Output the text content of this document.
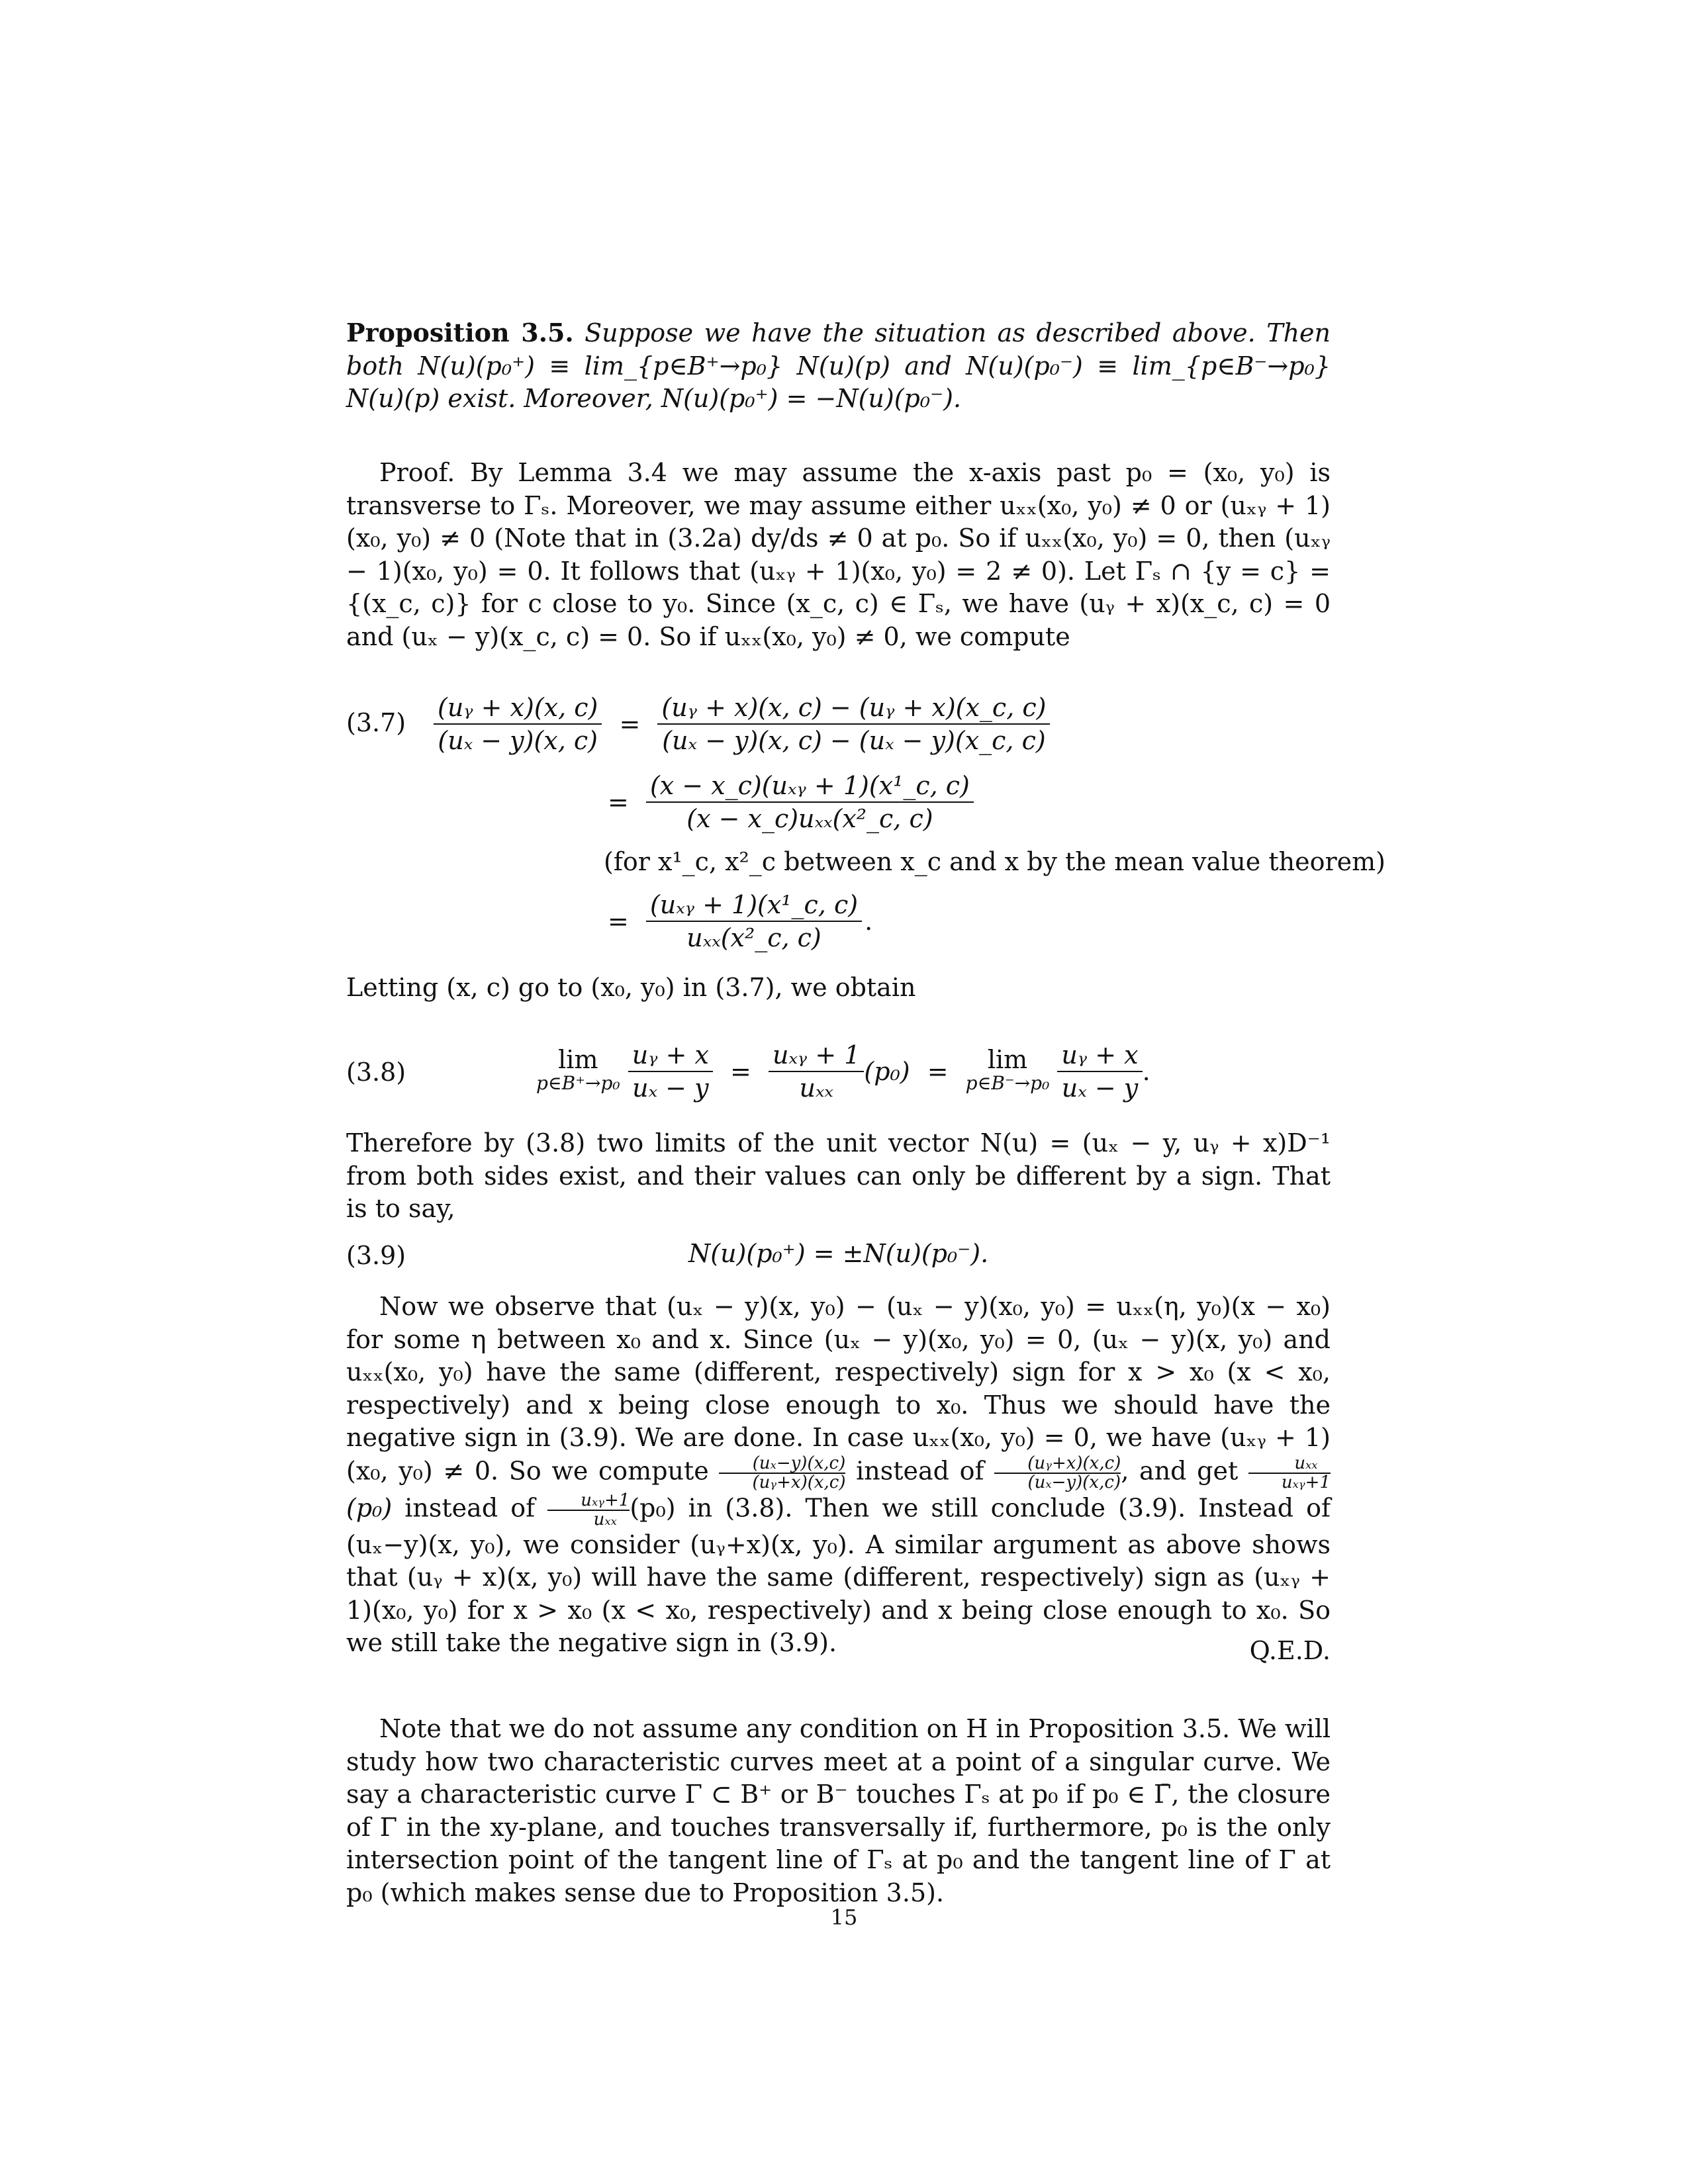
Proposition 3.5. Suppose we have the situation as described above. Then both N(u)(p₀⁺) ≡ lim_{p∈B⁺→p₀} N(u)(p) and N(u)(p₀⁻) ≡ lim_{p∈B⁻→p₀} N(u)(p) exist. Moreover, N(u)(p₀⁺) = −N(u)(p₀⁻).

Proof. By Lemma 3.4 we may assume the x-axis past p₀ = (x₀, y₀) is transverse to Γₛ. Moreover, we may assume either uₓₓ(x₀, y₀) ≠ 0 or (uₓᵧ + 1)(x₀, y₀) ≠ 0 (Note that in (3.2a) dy/ds ≠ 0 at p₀. So if uₓₓ(x₀, y₀) = 0, then (uₓᵧ − 1)(x₀, y₀) = 0. It follows that (uₓᵧ + 1)(x₀, y₀) = 2 ≠ 0). Let Γₛ ∩ {y = c} = {(x_c, c)} for c close to y₀. Since (x_c, c) ∈ Γₛ, we have (uᵧ + x)(x_c, c) = 0 and (uₓ − y)(x_c, c) = 0. So if uₓₓ(x₀, y₀) ≠ 0, we compute

$(3.7) \frac{\text{(uᵧ + x)(x, c)}}{\text{(uₓ − y)(x, c)}} = \frac{\text{(uᵧ + x)(x, c) − (uᵧ + x)(x\_c, c)}}{\text{(uₓ − y)(x, c) − (uₓ − y)(x\_c, c)}}$
= $\frac{\text{(x − x\_c)(uₓᵧ + 1)(x¹\_c, c)}}{\text{(x − x\_c)uₓₓ(x²\_c, c)}}$
(for x¹_c, x²_c between x_c and x by the mean value theorem)
= $\frac{\text{(uₓᵧ + 1)(x¹\_c, c)}}{\text{uₓₓ(x²\_c, c)}}$ .
Letting (x, c) go to (x₀, y₀) in (3.7), we obtain
(3.8)	lim
p∈B⁺→p₀
$\frac{\text{uᵧ + x}}{\text{uₓ − y}} = \frac{\text{uₓᵧ + 1}}{\text{uₓₓ}} (p_0) = \lim$
p∈B⁻→p₀
$\frac{\text{uᵧ + x}}{\text{uₓ − y}}$ .
Therefore by (3.8) two limits of the unit vector N(u) = (uₓ − y, uᵧ + x)D⁻¹ from both sides exist, and their values can only be different by a sign. That is to say,
(3.9)	N(u)(p₀⁺) = ±N(u)(p₀⁻).

Now we observe that (uₓ − y)(x, y₀) − (uₓ − y)(x₀, y₀) = uₓₓ(η, y₀)(x − x₀) for some η between x₀ and x. Since (uₓ − y)(x₀, y₀) = 0, (uₓ − y)(x, y₀) and uₓₓ(x₀, y₀) have the same (different, respectively) sign for x > x₀ (x < x₀, respectively) and x being close enough to x₀. Thus we should have the negative sign in (3.9). We are done. In case uₓₓ(x₀, y₀) = 0, we have (uₓᵧ + 1)(x₀, y₀) ≠ 0. So we compute $\frac{\text{(uₓ−y)(x,c)}}{\text{(uᵧ+x)(x,c)}}$ instead of $\frac{\text{(uᵧ+x)(x,c)}}{\text{(uₓ−y)(x,c)}}$ , and get	uₓₓ
uₓᵧ+1
(p₀) instead of	uₓᵧ+1
uₓₓ (p₀) in (3.8). Then we still conclude (3.9). Instead of (uₓ−y)(x, y₀), we consider (uᵧ+x)(x, y₀). A similar argument as above shows that (uᵧ + x)(x, y₀) will have the same (different, respectively) sign as (uₓᵧ + 1)(x₀, y₀) for x > x₀ (x < x₀, respectively) and x being close enough to x₀. So we still take the negative sign in (3.9).	Q.E.D.

Note that we do not assume any condition on H in Proposition 3.5. We will study how two characteristic curves meet at a point of a singular curve. We say a characteristic curve Γ ⊂ B⁺ or B⁻ touches Γₛ at p₀ if p₀ ∈ Γ̄, the closure of Γ in the xy-plane, and touches transversally if, furthermore, p₀ is the only intersection point of the tangent line of Γₛ at p₀ and the tangent line of Γ at p₀ (which makes sense due to Proposition 3.5).

15
